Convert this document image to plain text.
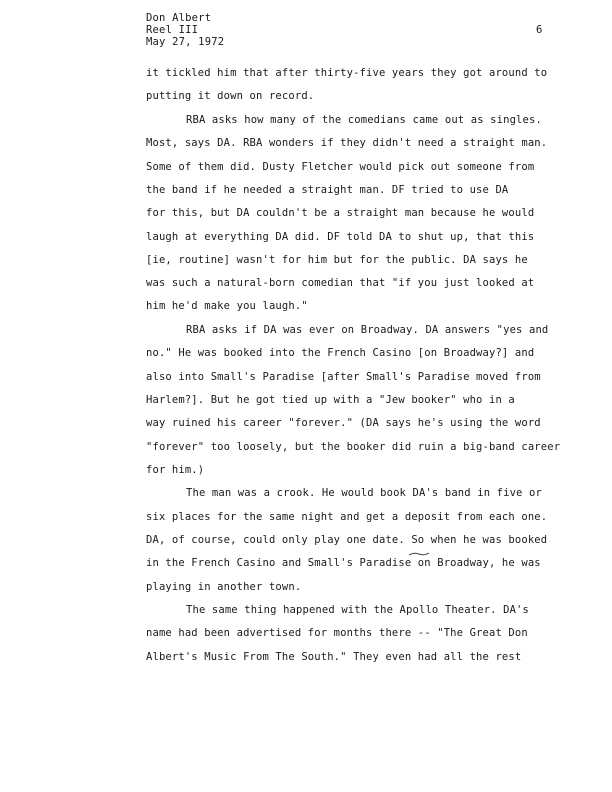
Don Albert
Reel III
May 27, 1972
6
it tickled him that after thirty-five years they got around to
putting it down on record.
RBA asks how many of the comedians came out as singles.
Most, says DA. RBA wonders if they didn't need a straight man.
Some of them did. Dusty Fletcher would pick out someone from
the band if he needed a straight man. DF tried to use DA
for this, but DA couldn't be a straight man because he would
laugh at everything DA did. DF told DA to shut up, that this
[ie, routine] wasn't for him but for the public. DA says he
was such a natural-born comedian that "if you just looked at
him he'd make you laugh."
RBA asks if DA was ever on Broadway. DA answers "yes and
no." He was booked into the French Casino [on Broadway?] and
also into Small's Paradise [after Small's Paradise moved from
Harlem?]. But he got tied up with a "Jew booker" who in a
way ruined his career "forever." (DA says he's using the word
"forever" too loosely, but the booker did ruin a big-band career
for him.)
The man was a crook. He would book DA's band in five or
six places for the same night and get a deposit from each one.
DA, of course, could only play one date. So when he was booked
in the French Casino and Small's Paradise on Broadway, he was
playing in another town.
The same thing happened with the Apollo Theater. DA's
name had been advertised for months there -- "The Great Don
Albert's Music From The South." They even had all the rest
